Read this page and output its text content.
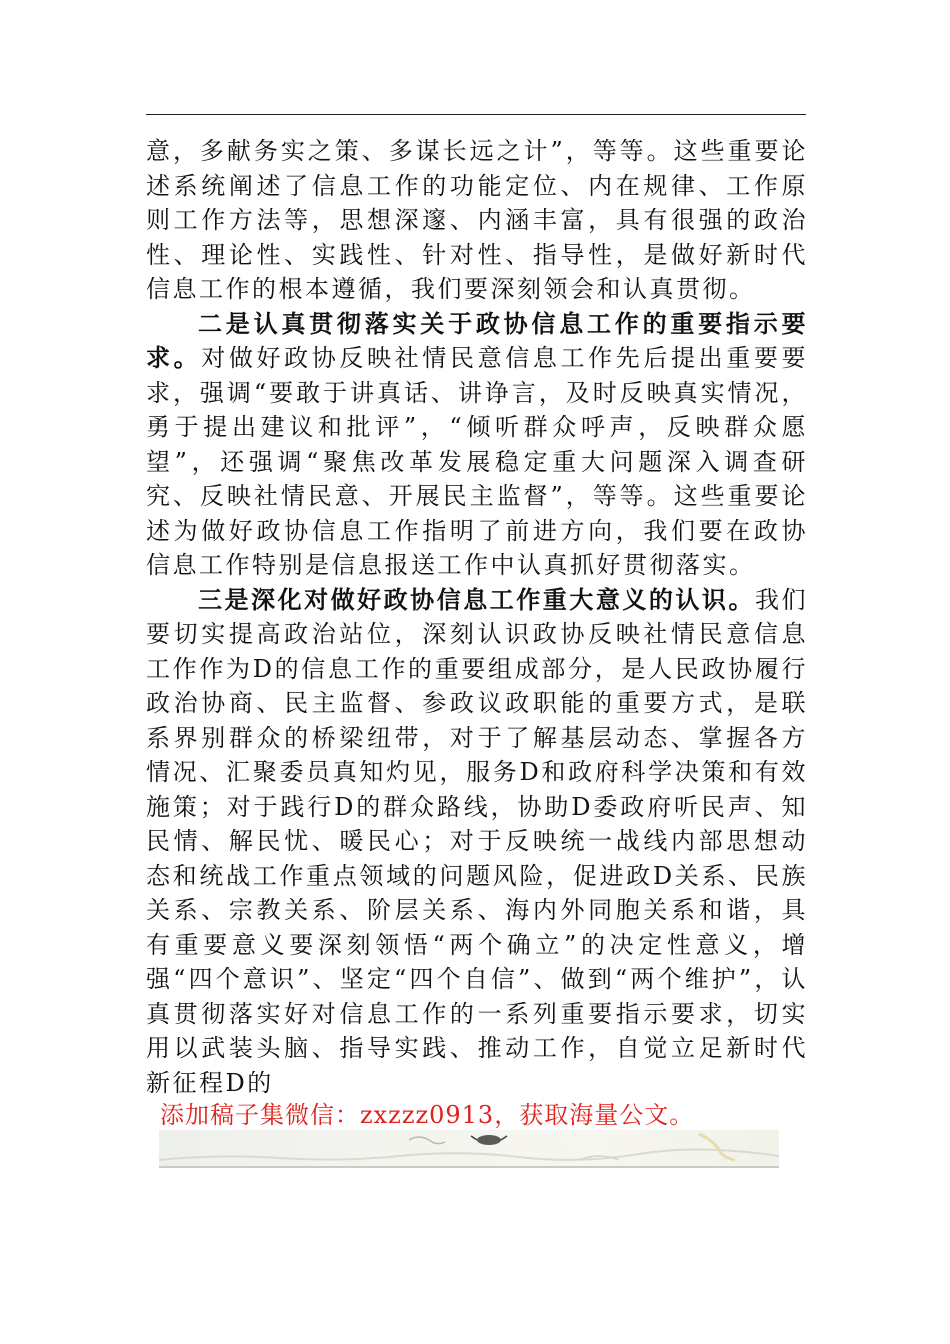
意，多献务实之策、多谋长远之计”，等等。这些重要论述系统阐述了信息工作的功能定位、内在规律、工作原则工作方法等，思想深邃、内涵丰富，具有很强的政治性、理论性、实践性、针对性、指导性，是做好新时代信息工作的根本遵循，我们要深刻领会和认真贯彻。

二是认真贯彻落实关于政协信息工作的重要指示要求。对做好政协反映社情民意信息工作先后提出重要要求，强调“要敢于讲真话、讲诤言，及时反映真实情况，勇于提出建议和批评”，“倾听群众呼声，反映群众愿望”，还强调“聚焦改革发展稳定重大问题深入调查研究、反映社情民意、开展民主监督”，等等。这些重要论述为做好政协信息工作指明了前进方向，我们要在政协信息工作特别是信息报送工作中认真抓好贯彻落实。

三是深化对做好政协信息工作重大意义的认识。我们要切实提高政治站位，深刻认识政协反映社情民意信息工作作为D的信息工作的重要组成部分，是人民政协履行政治协商、民主监督、参政议政职能的重要方式，是联系界别群众的桥梁纽带，对于了解基层动态、掌握各方情况、汇聚委员真知灼见，服务D和政府科学决策和有效施策；对于践行D的群众路线，协助D委政府听民声、知民情、解民忧、暖民心；对于反映统一战线内部思想动态和统战工作重点领域的问题风险，促进政D关系、民族关系、宗教关系、阶层关系、海内外同胞关系和谐，具有重要意义要深刻领悟“两个确立”的决定性意义，增强“四个意识”、坚定“四个自信”、做到“两个维护”，认真贯彻落实好对信息工作的一系列重要指示要求，切实用以武装头脑、指导实践、推动工作，自觉立足新时代新征程D的

添加稿子集微信：zxzzz0913，获取海量公文。
